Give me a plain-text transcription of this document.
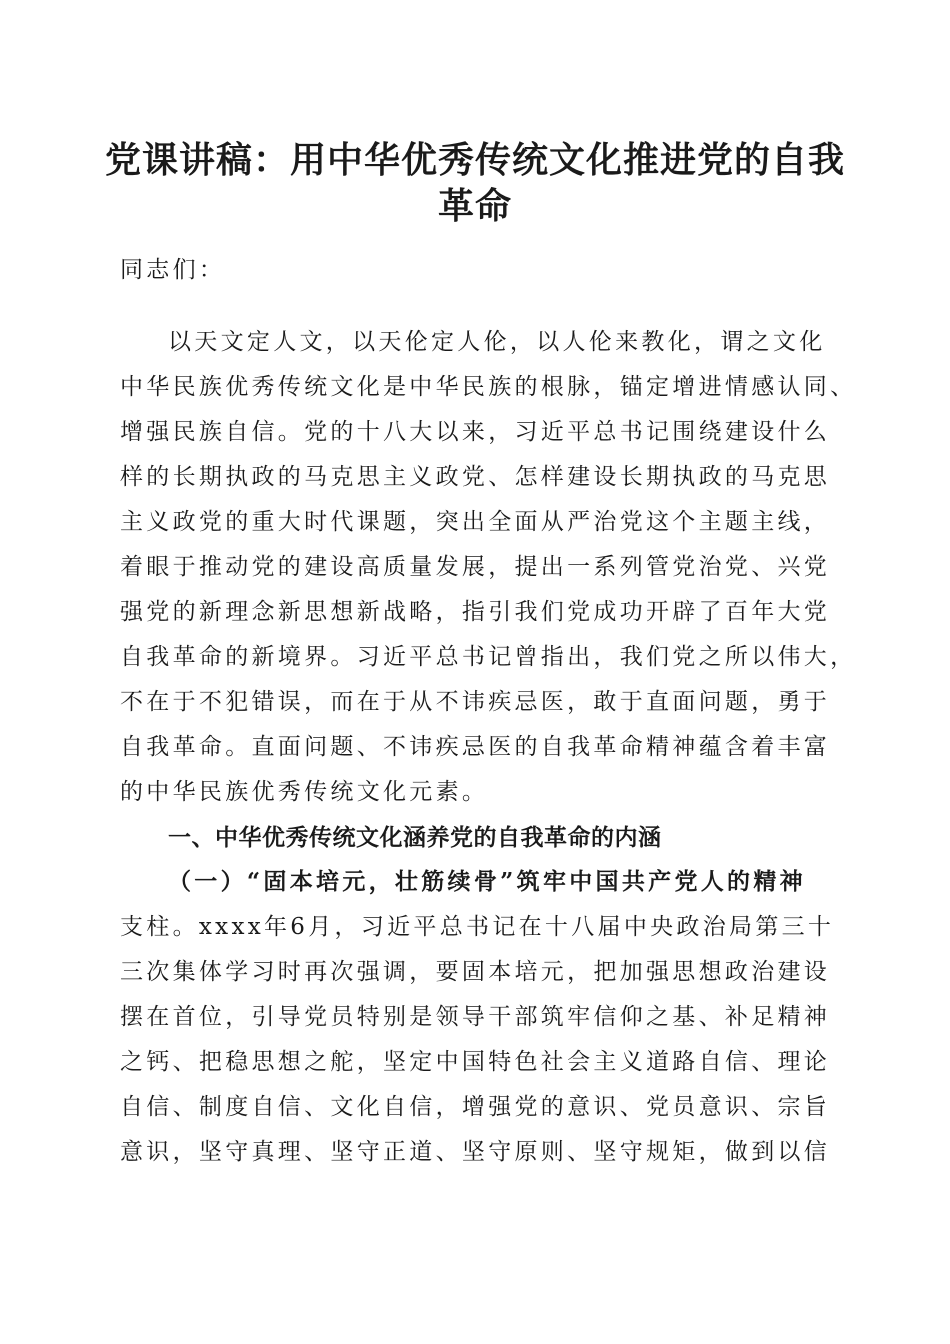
党课讲稿：用中华优秀传统文化推进党的自我
革命

同志们：

以天文定人文，以天伦定人伦，以人伦来教化，谓之文化

中华民族优秀传统文化是中华民族的根脉，锚定增进情感认同、

增强民族自信。党的十八大以来，习近平总书记围绕建设什么

样的长期执政的马克思主义政党、怎样建设长期执政的马克思

主义政党的重大时代课题，突出全面从严治党这个主题主线，

着眼于推动党的建设高质量发展，提出一系列管党治党、兴党

强党的新理念新思想新战略，指引我们党成功开辟了百年大党

自我革命的新境界。习近平总书记曾指出，我们党之所以伟大，

不在于不犯错误，而在于从不讳疾忌医，敢于直面问题，勇于

自我革命。直面问题、不讳疾忌医的自我革命精神蕴含着丰富

的中华民族优秀传统文化元素。

一、中华优秀传统文化涵养党的自我革命的内涵

（一）“固本培元，壮筋续骨”筑牢中国共产党人的精神

支柱。xxxx年6月，习近平总书记在十八届中央政治局第三十

三次集体学习时再次强调，要固本培元，把加强思想政治建设

摆在首位，引导党员特别是领导干部筑牢信仰之基、补足精神

之钙、把稳思想之舵，坚定中国特色社会主义道路自信、理论

自信、制度自信、文化自信，增强党的意识、党员意识、宗旨

意识，坚守真理、坚守正道、坚守原则、坚守规矩，做到以信
